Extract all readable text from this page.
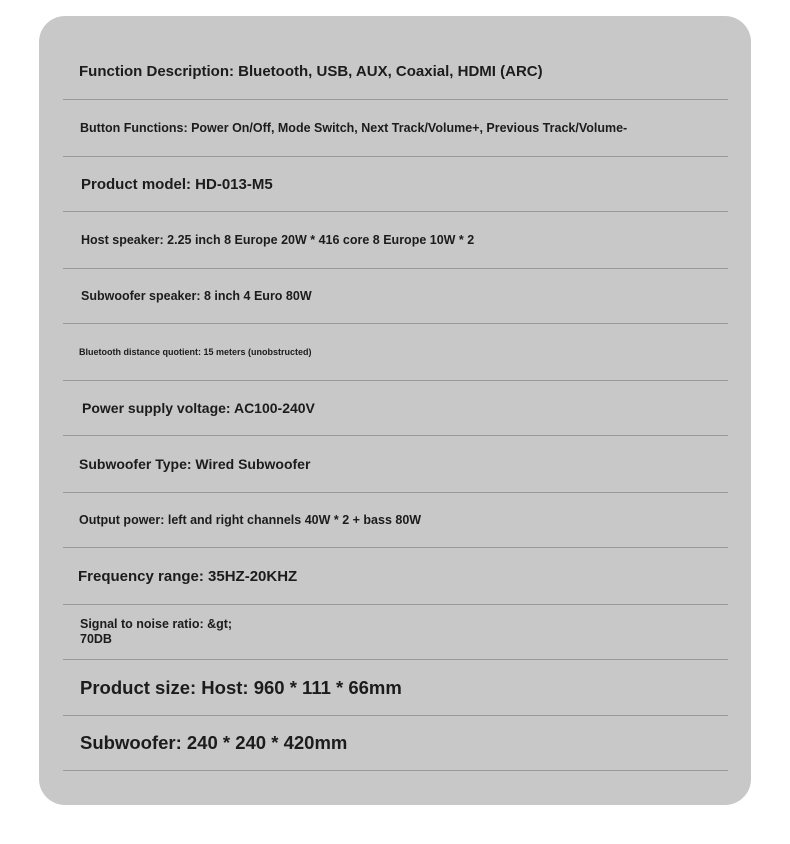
Function Description: Bluetooth, USB, AUX, Coaxial, HDMI (ARC)
Button Functions: Power On/Off, Mode Switch, Next Track/Volume+, Previous Track/Volume-
Product model: HD-013-M5
Host speaker: 2.25 inch 8 Europe 20W * 416 core 8 Europe 10W * 2
Subwoofer speaker: 8 inch 4 Euro 80W
Bluetooth distance quotient: 15 meters (unobstructed)
Power supply voltage: AC100-240V
Subwoofer Type: Wired Subwoofer
Output power: left and right channels 40W * 2 + bass 80W
Frequency range: 35HZ-20KHZ
Signal to noise ratio: &gt;
70DB
Product size: Host: 960 * 111 * 66mm
Subwoofer: 240 * 240 * 420mm
